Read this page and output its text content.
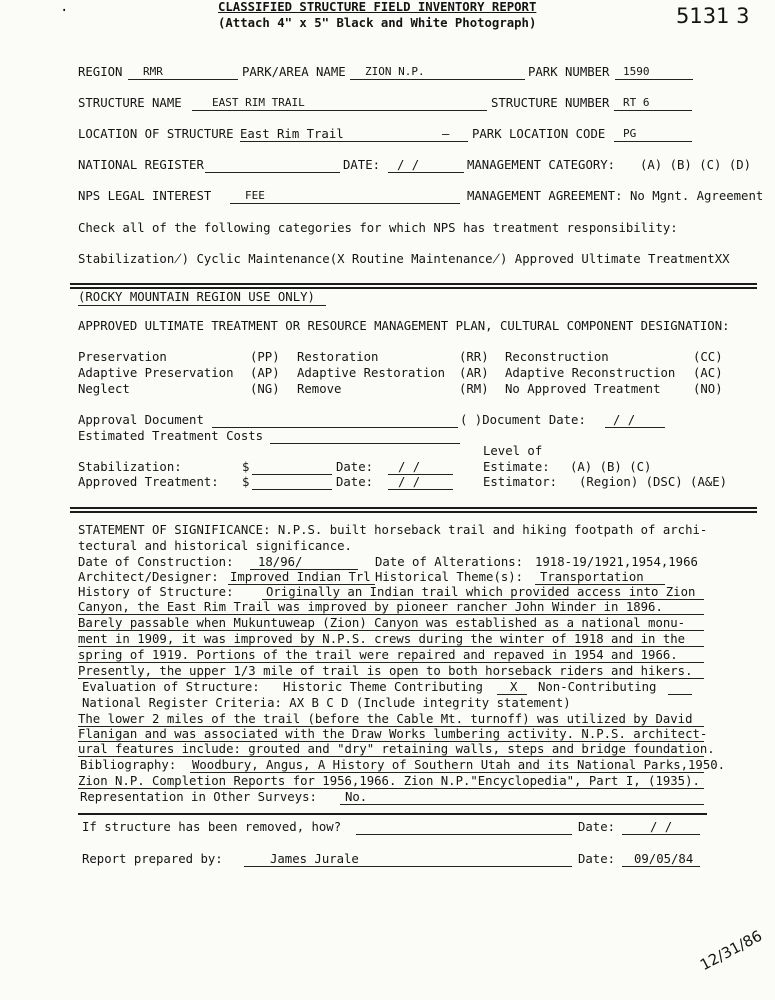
CLASSIFIED STRUCTURE FIELD INVENTORY REPORT
(Attach 4" x 5" Black and White Photograph)	5131 3
·
REGION RMR	PARK/AREA NAME ZION N.P.	PARK NUMBER 1590
STRUCTURE NAME	EAST RIM TRAIL	STRUCTURE NUMBER RT 6
LOCATION OF STRUCTURE East Rim Trail	— PARK LOCATION CODE PG
NATIONAL REGISTER	DATE: / /	MANAGEMENT CATEGORY: (A) (B) (C) (D)
NPS LEGAL INTEREST	FEE	MANAGEMENT AGREEMENT: No Mgnt. Agreement
Check all of the following categories for which NPS has treatment responsibility:
Stabilization̸) Cyclic Maintenance(X Routine Maintenance̸) Approved Ultimate TreatmentXX
(ROCKY MOUNTAIN REGION USE ONLY)
APPROVED ULTIMATE TREATMENT OR RESOURCE MANAGEMENT PLAN, CULTURAL COMPONENT DESIGNATION:
Preservation	(PP) Restoration	(RR) Reconstruction	(CC)
Adaptive Preservation (AP) Adaptive Restoration (AR) Adaptive Reconstruction (AC)
Neglect	(NG) Remove	(RM) No Approved Treatment	(NO)
Approval Document	( )Document Date: / /
Estimated Treatment Costs
Level of
Stabilization:	$	Date: / /	Estimate: (A) (B) (C)
Approved Treatment: $	Date: / /	Estimator: (Region) (DSC) (A&E)
STATEMENT OF SIGNIFICANCE: N.P.S. built horseback trail and hiking footpath of archi-
tectural and historical significance.
Date of Construction: 18/96/	Date of Alterations: 1918-19/1921,1954,1966
Architect/Designer: Improved Indian Trl Historical Theme(s): Transportation
History of Structure:	Originally an Indian trail which provided access into Zion
Canyon, the East Rim Trail was improved by pioneer rancher John Winder in 1896.
Barely passable when Mukuntuweap (Zion) Canyon was established as a national monu-
ment in 1909, it was improved by N.P.S. crews during the winter of 1918 and in the
spring of 1919. Portions of the trail were repaired and repaved in 1954 and 1966.
Presently, the upper 1/3 mile of trail is open to both horseback riders and hikers.
Evaluation of Structure: Historic Theme Contributing X Non-Contributing
National Register Criteria: AX B C D (Include integrity statement)
The lower 2 miles of the trail (before the Cable Mt. turnoff) was utilized by David
Flanigan and was associated with the Draw Works lumbering activity. N.P.S. architect-
ural features include: grouted and "dry" retaining walls, steps and bridge foundation.
Bibliography: Woodbury, Angus, A History of Southern Utah and its National Parks,1950.
Zion N.P. Completion Reports for 1956,1966. Zion N.P."Encyclopedia", Part I, (1935).
Representation in Other Surveys: No.
If structure has been removed, how?	Date:	/ /
Report prepared by:	James Jurale	Date: 09/05/84
12/31/86
